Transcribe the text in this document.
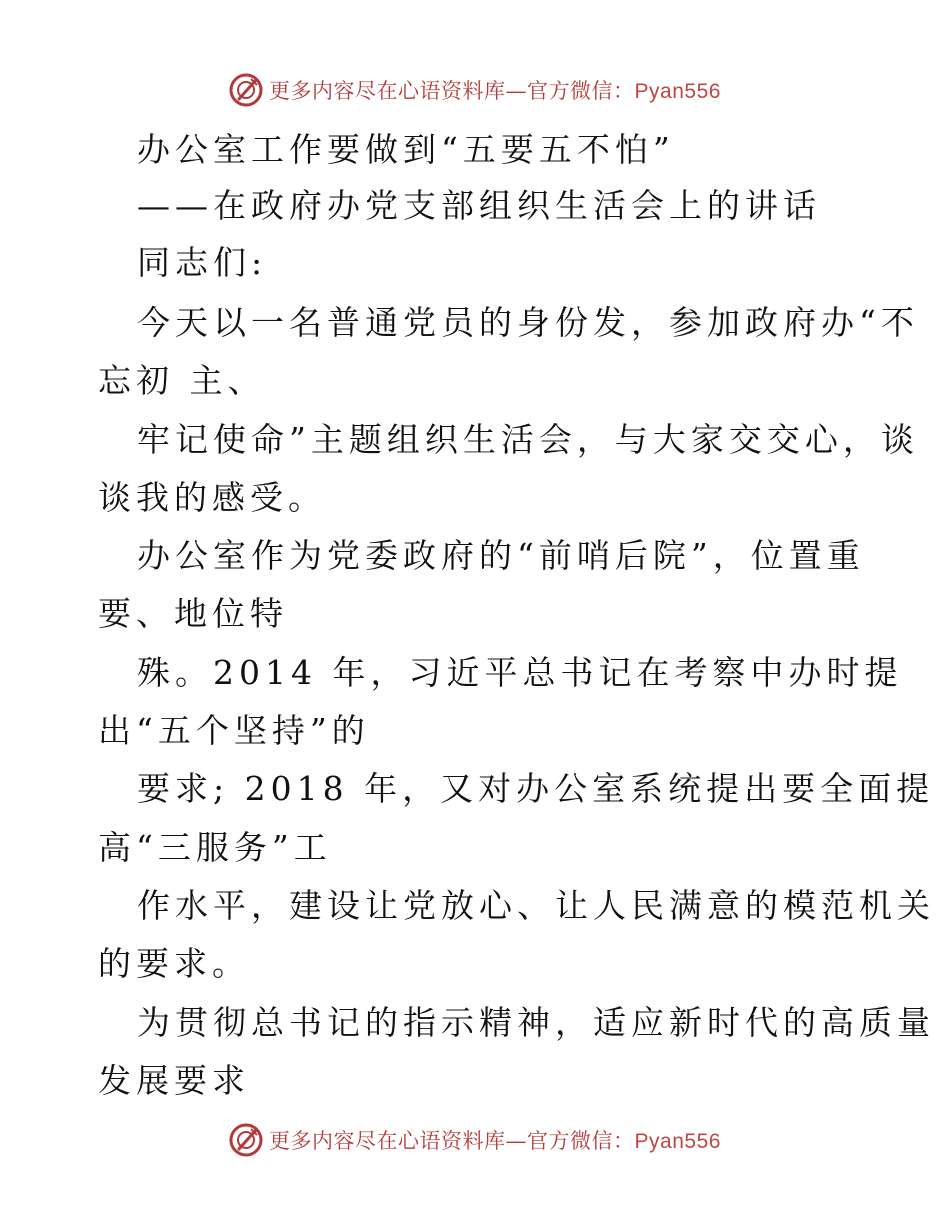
更多内容尽在心语资料库—官方微信：Pyan556
办公室工作要做到“五要五不怕”
——在政府办党支部组织生活会上的讲话
同志们:
今天以一名普通党员的身份发，参加政府办“不
忘初 主、
牢记使命”主题组织生活会，与大家交交心，谈
谈我的感受。
办公室作为党委政府的“前哨后院”，位置重
要、地位特
殊。2014 年，习近平总书记在考察中办时提
出“五个坚持”的
要求; 2018 年，又对办公室系统提出要全面提
高“三服务”工
作水平，建设让党放心、让人民满意的模范机关
的要求。
为贯彻总书记的指示精神，适应新时代的高质量
发展要求
更多内容尽在心语资料库—官方微信：Pyan556
